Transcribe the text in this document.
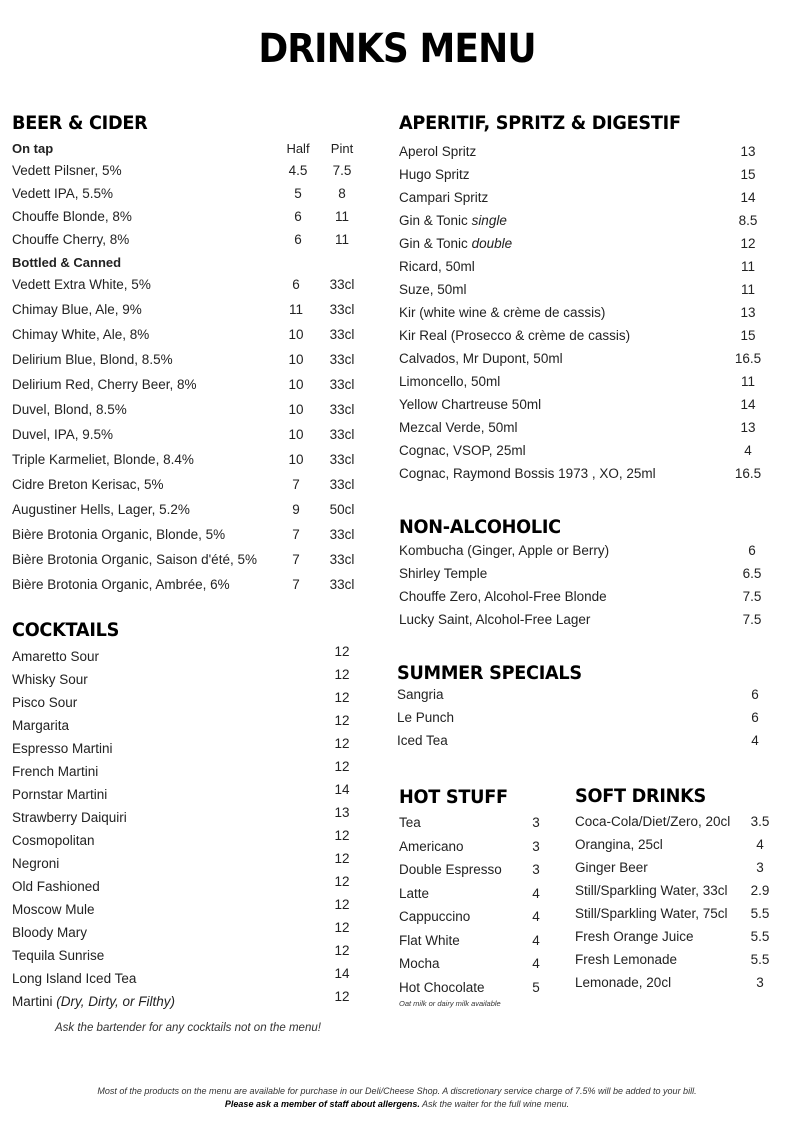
DRINKS MENU
BEER & CIDER
On tap	Half	Pint
Vedett Pilsner, 5%	4.5	7.5
Vedett IPA, 5.5%	5	8
Chouffe Blonde, 8%	6	11
Chouffe Cherry, 8%	6	11
Bottled & Canned
Vedett Extra White, 5%	6	33cl
Chimay Blue, Ale, 9%	11	33cl
Chimay White, Ale, 8%	10	33cl
Delirium Blue, Blond, 8.5%	10	33cl
Delirium Red, Cherry Beer, 8%	10	33cl
Duvel, Blond, 8.5%	10	33cl
Duvel, IPA, 9.5%	10	33cl
Triple Karmeliet, Blonde, 8.4%	10	33cl
Cidre Breton Kerisac, 5%	7	33cl
Augustiner Hells, Lager, 5.2%	9	50cl
Bière Brotonia Organic, Blonde, 5%	7	33cl
Bière Brotonia Organic, Saison d'été, 5%	7	33cl
Bière Brotonia Organic, Ambrée, 6%	7	33cl
COCKTAILS
Amaretto Sour	12
Whisky Sour	12
Pisco Sour	12
Margarita	12
Espresso Martini	12
French Martini	12
Pornstar Martini	14
Strawberry Daiquiri	13
Cosmopolitan	12
Negroni	12
Old Fashioned	12
Moscow Mule	12
Bloody Mary	12
Tequila Sunrise	12
Long Island Iced Tea	14
Martini (Dry, Dirty, or Filthy)	12
Ask the bartender for any cocktails not on the menu!
APERITIF, SPRITZ & DIGESTIF
Aperol Spritz	13
Hugo Spritz	15
Campari Spritz	14
Gin & Tonic single	8.5
Gin & Tonic double	12
Ricard, 50ml	11
Suze, 50ml	11
Kir (white wine & crème de cassis)	13
Kir Real (Prosecco & crème de cassis)	15
Calvados, Mr Dupont, 50ml	16.5
Limoncello, 50ml	11
Yellow Chartreuse 50ml	14
Mezcal Verde, 50ml	13
Cognac, VSOP, 25ml	4
Cognac, Raymond Bossis 1973 , XO, 25ml	16.5
NON-ALCOHOLIC
Kombucha (Ginger, Apple or Berry)	6
Shirley Temple	6.5
Chouffe Zero, Alcohol-Free Blonde	7.5
Lucky Saint, Alcohol-Free Lager	7.5
SUMMER SPECIALS
Sangria	6
Le Punch	6
Iced Tea	4
HOT STUFF
Tea	3
Americano	3
Double Espresso	3
Latte	4
Cappuccino	4
Flat White	4
Mocha	4
Hot Chocolate	5
Oat milk or dairy milk available
SOFT DRINKS
Coca-Cola/Diet/Zero, 20cl	3.5
Orangina, 25cl	4
Ginger Beer	3
Still/Sparkling Water, 33cl	2.9
Still/Sparkling Water, 75cl	5.5
Fresh Orange Juice	5.5
Fresh Lemonade	5.5
Lemonade, 20cl	3
Most of the products on the menu are available for purchase in our Deli/Cheese Shop. A discretionary service charge of 7.5% will be added to your bill.
Please ask a member of staff about allergens. Ask the waiter for the full wine menu.
